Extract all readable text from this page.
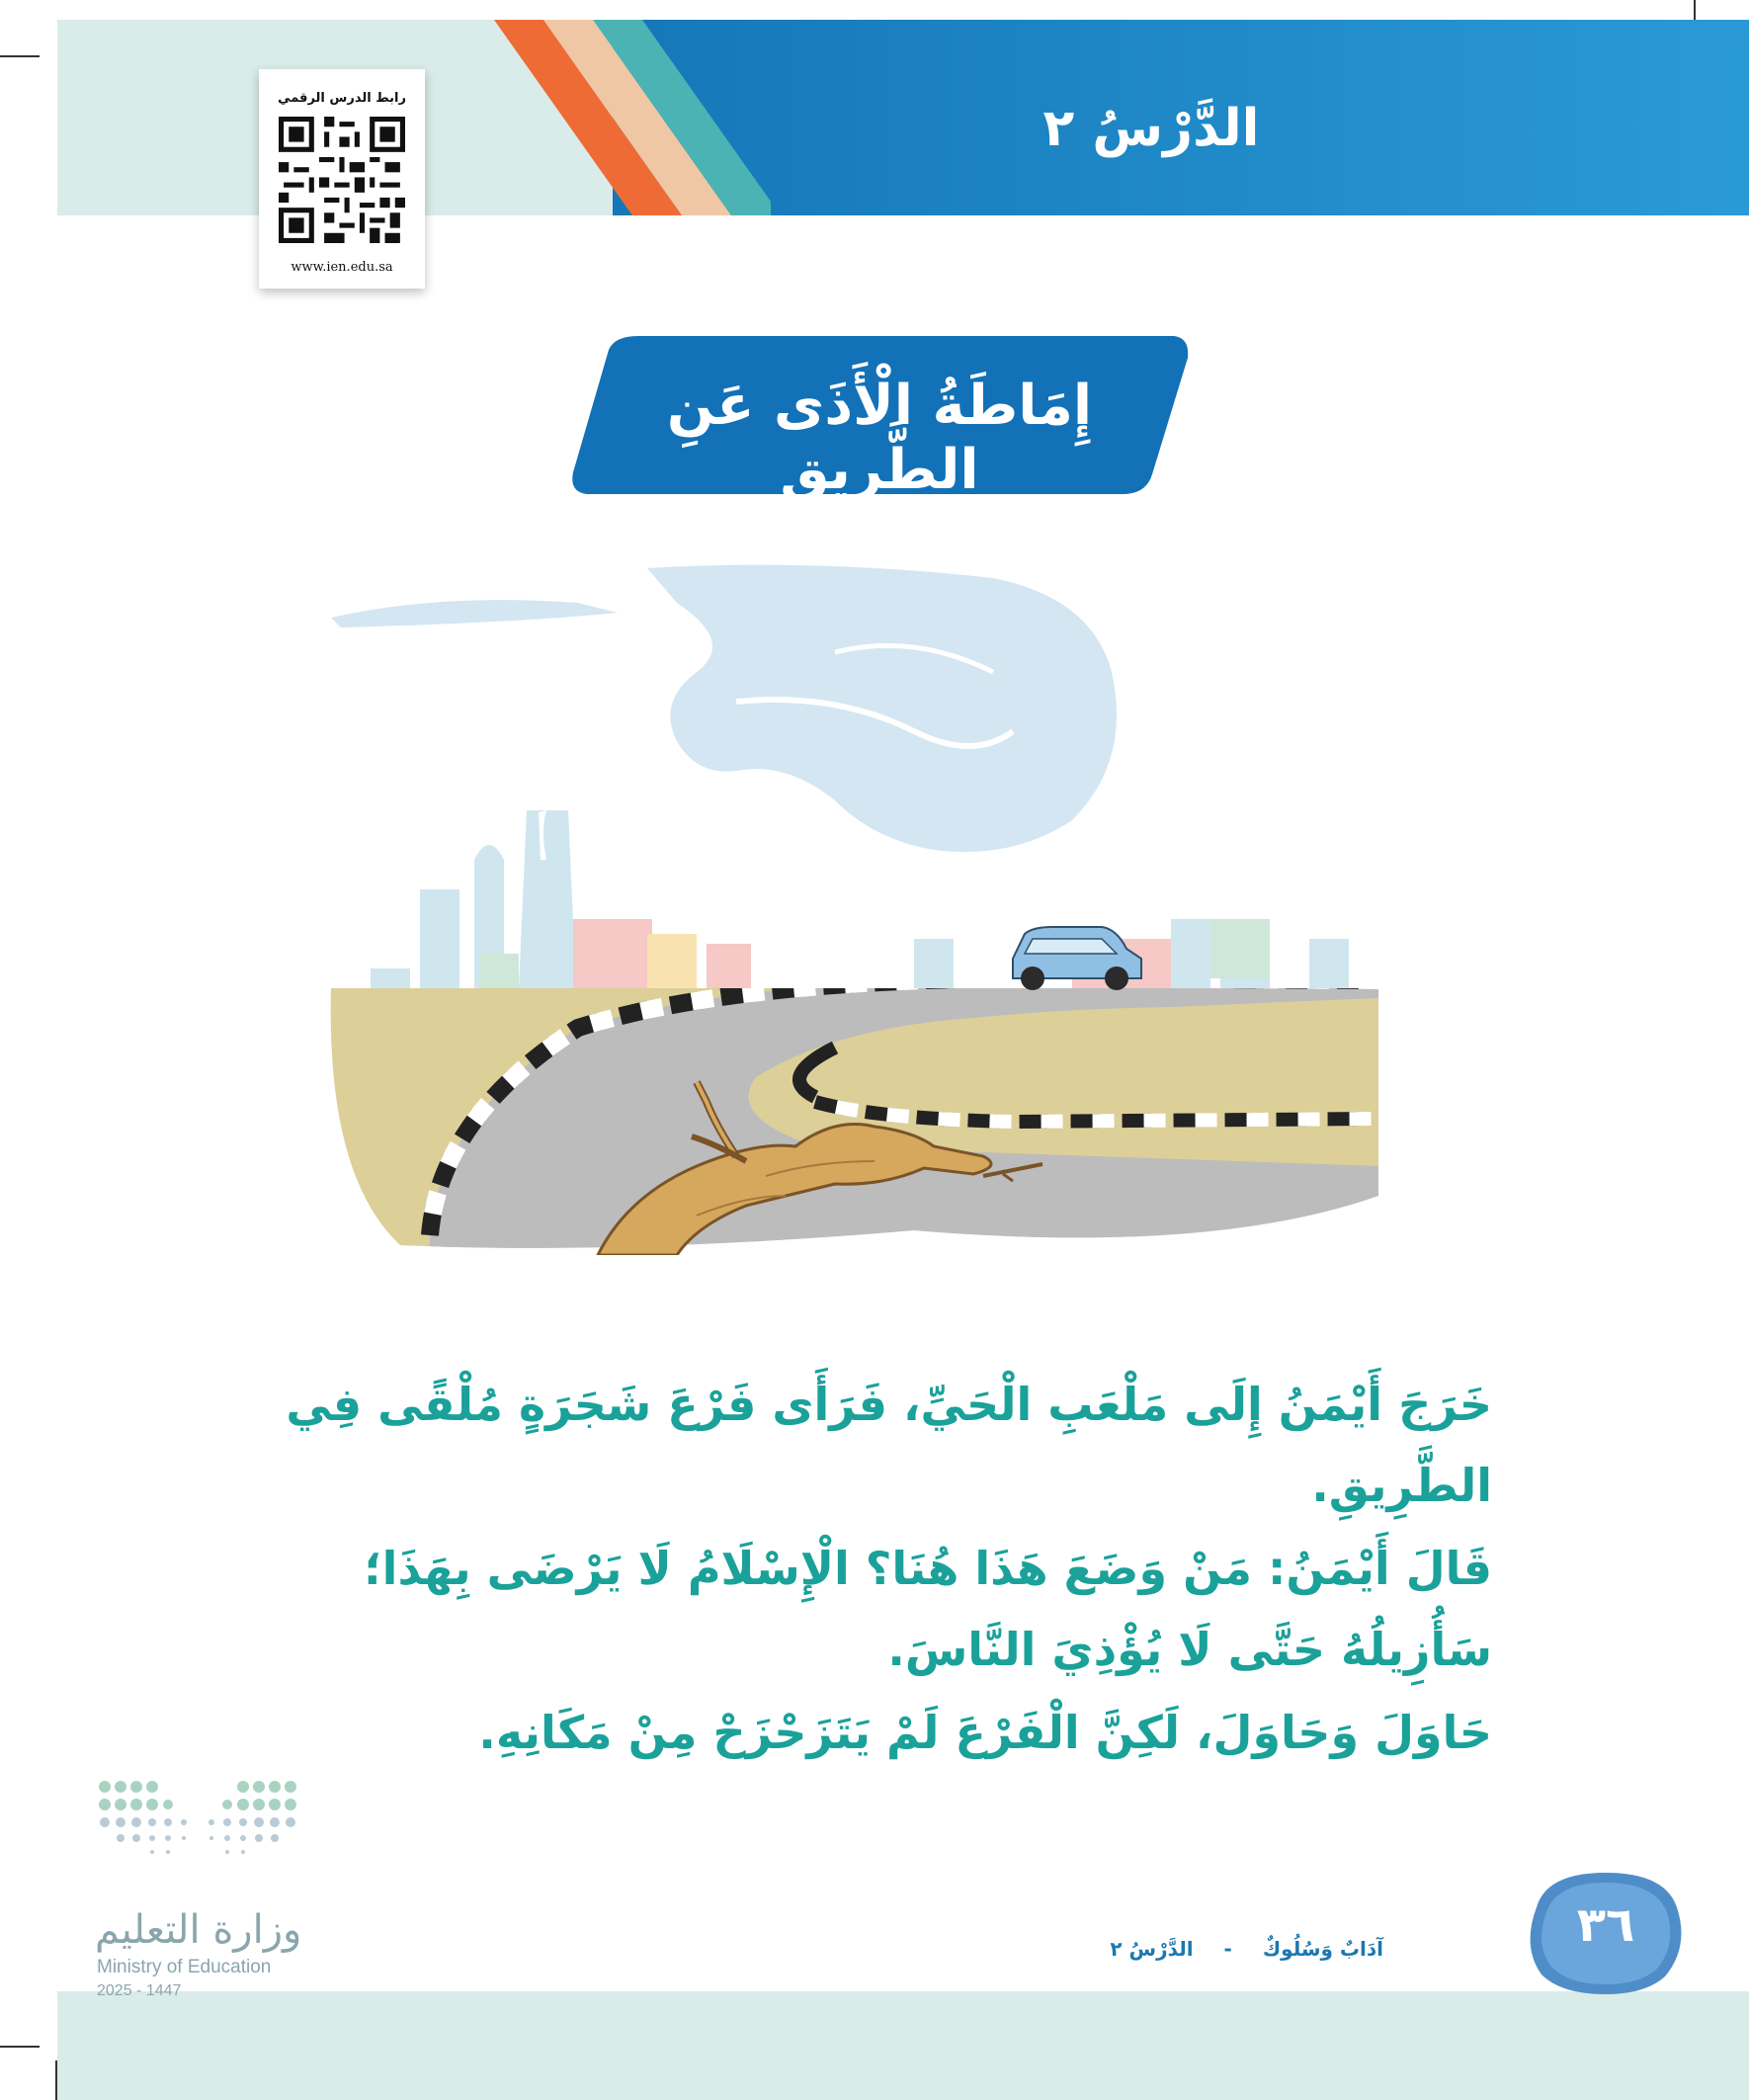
الدَّرْسُ ٢
رابط الدرس الرقمي
www.ien.edu.sa
إِمَاطَةُ الْأَذَى عَنِ الطَّرِيقِ

خَرَجَ أَيْمَنُ إِلَى مَلْعَبِ الْحَيِّ، فَرَأَى فَرْعَ شَجَرَةٍ مُلْقًى فِي الطَّرِيقِ.

قَالَ أَيْمَنُ: مَنْ وَضَعَ هَذَا هُنَا؟ الْإِسْلَامُ لَا يَرْضَى بِهَذَا؛ سَأُزِيلُهُ حَتَّى لَا يُؤْذِيَ النَّاسَ.

حَاوَلَ وَحَاوَلَ، لَكِنَّ الْفَرْعَ لَمْ يَتَزَحْزَحْ مِنْ مَكَانِهِ.

وزارة التعليم
Ministry of Education
2025 - 1447
آدَابٌ وَسُلُوكٌ - الدَّرْسُ ٢	٣٦
